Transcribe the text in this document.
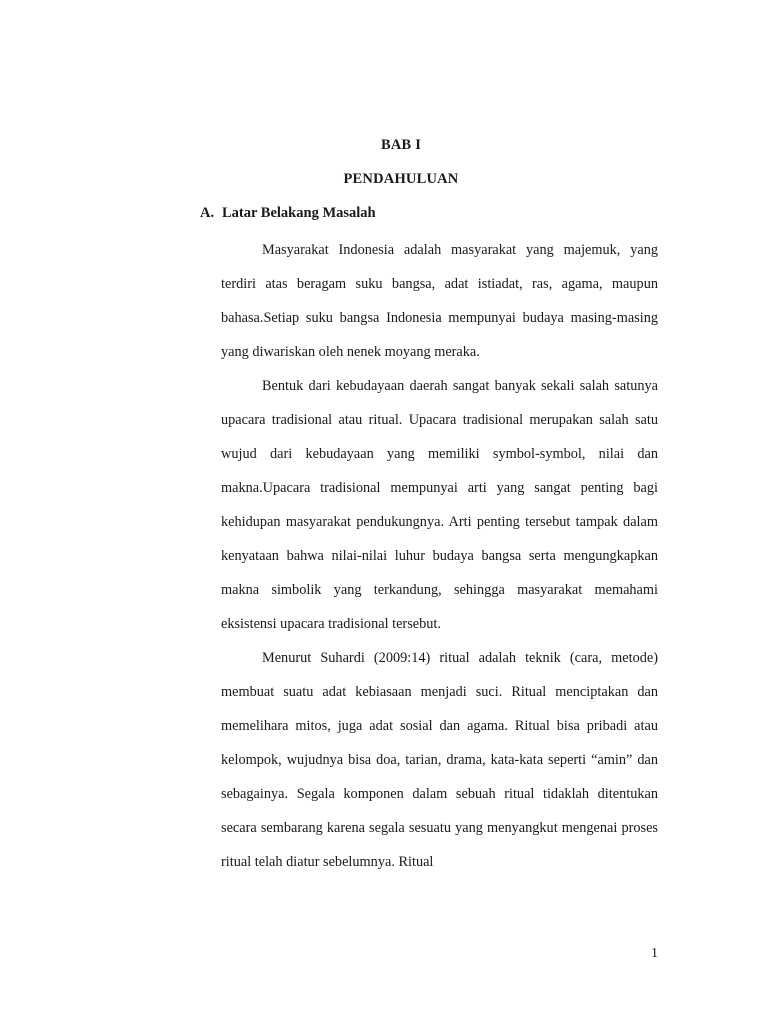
BAB I
PENDAHULUAN
A. Latar Belakang Masalah

Masyarakat Indonesia adalah masyarakat yang majemuk, yang terdiri atas beragam suku bangsa, adat istiadat, ras, agama, maupun bahasa.Setiap suku bangsa Indonesia mempunyai budaya masing-masing yang diwariskan oleh nenek moyang meraka.

Bentuk dari kebudayaan daerah sangat banyak sekali salah satunya upacara tradisional atau ritual. Upacara tradisional merupakan salah satu wujud dari kebudayaan yang memiliki symbol-symbol, nilai dan makna.Upacara tradisional mempunyai arti yang sangat penting bagi kehidupan masyarakat pendukungnya. Arti penting tersebut tampak dalam kenyataan bahwa nilai-nilai luhur budaya bangsa serta mengungkapkan makna simbolik yang terkandung, sehingga masyarakat memahami eksistensi upacara tradisional tersebut.

Menurut Suhardi (2009:14) ritual adalah teknik (cara, metode) membuat suatu adat kebiasaan menjadi suci. Ritual menciptakan dan memelihara mitos, juga adat sosial dan agama. Ritual bisa pribadi atau kelompok, wujudnya bisa doa, tarian, drama, kata-kata seperti “amin” dan sebagainya. Segala komponen dalam sebuah ritual tidaklah ditentukan secara sembarang karena segala sesuatu yang menyangkut mengenai proses ritual telah diatur sebelumnya. Ritual

1
